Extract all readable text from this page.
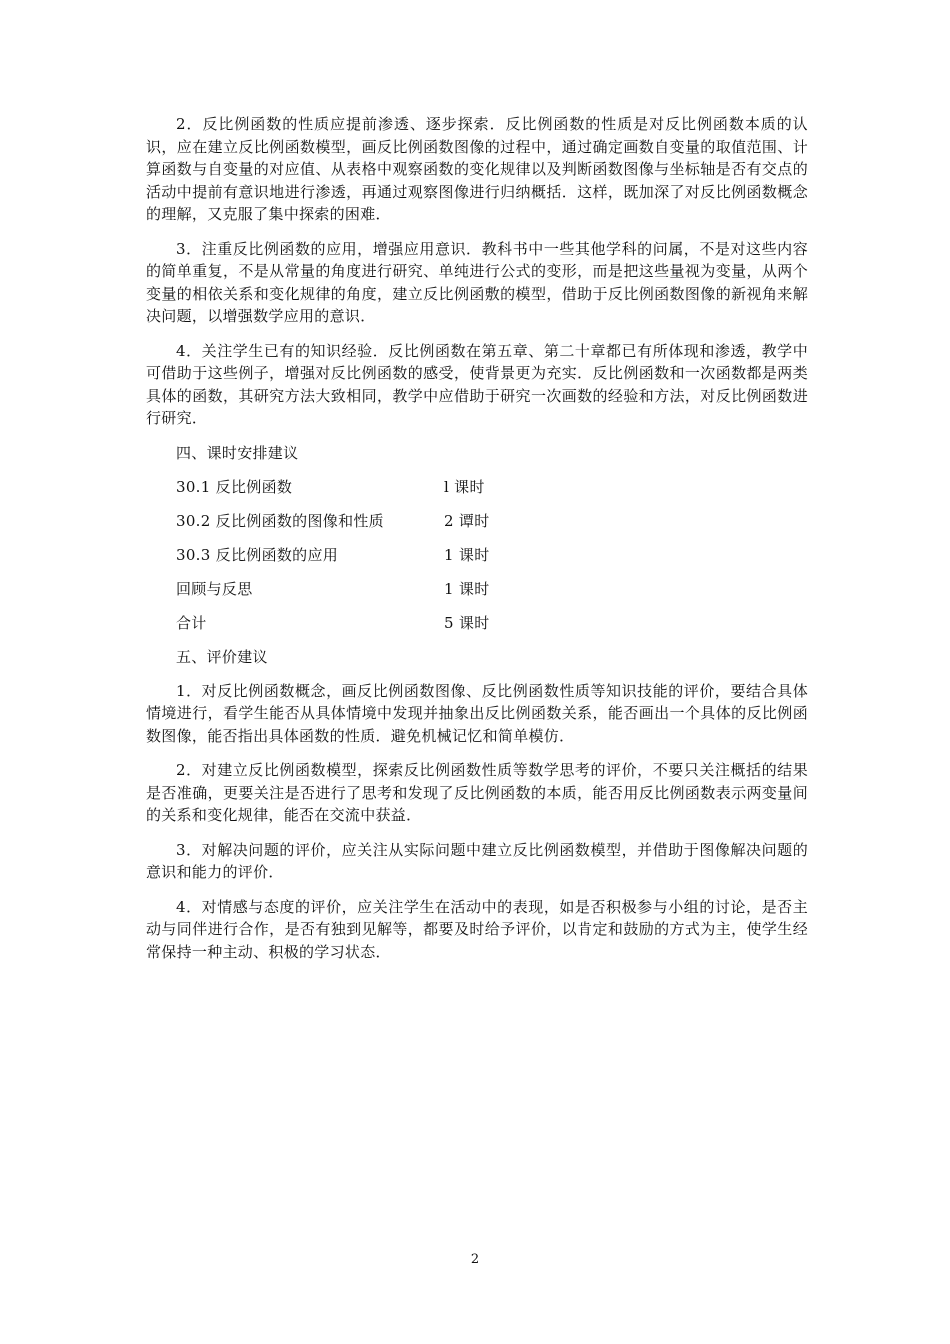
2．反比例函数的性质应提前渗透、逐步探索．反比例函数的性质是对反比例函数本质的认识，应在建立反比例函数模型，画反比例函数图像的过程中，通过确定画数自变量的取值范围、计算函数与自变量的对应值、从表格中观察函数的变化规律以及判断函数图像与坐标轴是否有交点的活动中提前有意识地进行渗透，再通过观察图像进行归纳概括．这样，既加深了对反比例函数概念的理解，又克服了集中探索的困难．

3．注重反比例函数的应用，增强应用意识．教科书中一些其他学科的问属，不是对这些内容的简单重复，不是从常量的角度进行研究、单纯进行公式的变形，而是把这些量视为变量，从两个变量的相依关系和变化规律的角度，建立反比例函敷的模型，借助于反比例函数图像的新视角来解决问题，以增强数学应用的意识．

4．关注学生已有的知识经验．反比例函数在第五章、第二十章都已有所体现和渗透，教学中可借助于这些例子，增强对反比例函数的感受，使背景更为充实．反比例函数和一次函数都是两类具体的函数，其研究方法大致相同，教学中应借助于研究一次画数的经验和方法，对反比例函数进行研究．

四、课时安排建议
30.1 反比例函数	l 课时
30.2 反比例函数的图像和性质	2 谭时
30.3 反比例函数的应用	1 课时
回顾与反思	1 课时
合计	5 课时
五、评价建议

1．对反比例函数概念，画反比例函数图像、反比例函数性质等知识技能的评价，要结合具体情境进行，看学生能否从具体情境中发现并抽象出反比例函数关系，能否画出一个具体的反比例函数图像，能否指出具体函数的性质．避免机械记忆和简单模仿．

2．对建立反比例函数模型，探索反比例函数性质等数学思考的评价，不要只关注概括的结果是否准确，更要关注是否进行了思考和发现了反比例函数的本质，能否用反比例函数表示两变量间的关系和变化规律，能否在交流中获益．

3．对解决问题的评价，应关注从实际问题中建立反比例函数模型，并借助于图像解决问题的意识和能力的评价．

4．对情感与态度的评价，应关注学生在活动中的表现，如是否积极参与小组的讨论，是否主动与同伴进行合作，是否有独到见解等，都要及时给予评价，以肯定和鼓励的方式为主，使学生经常保持一种主动、积极的学习状态．

2
